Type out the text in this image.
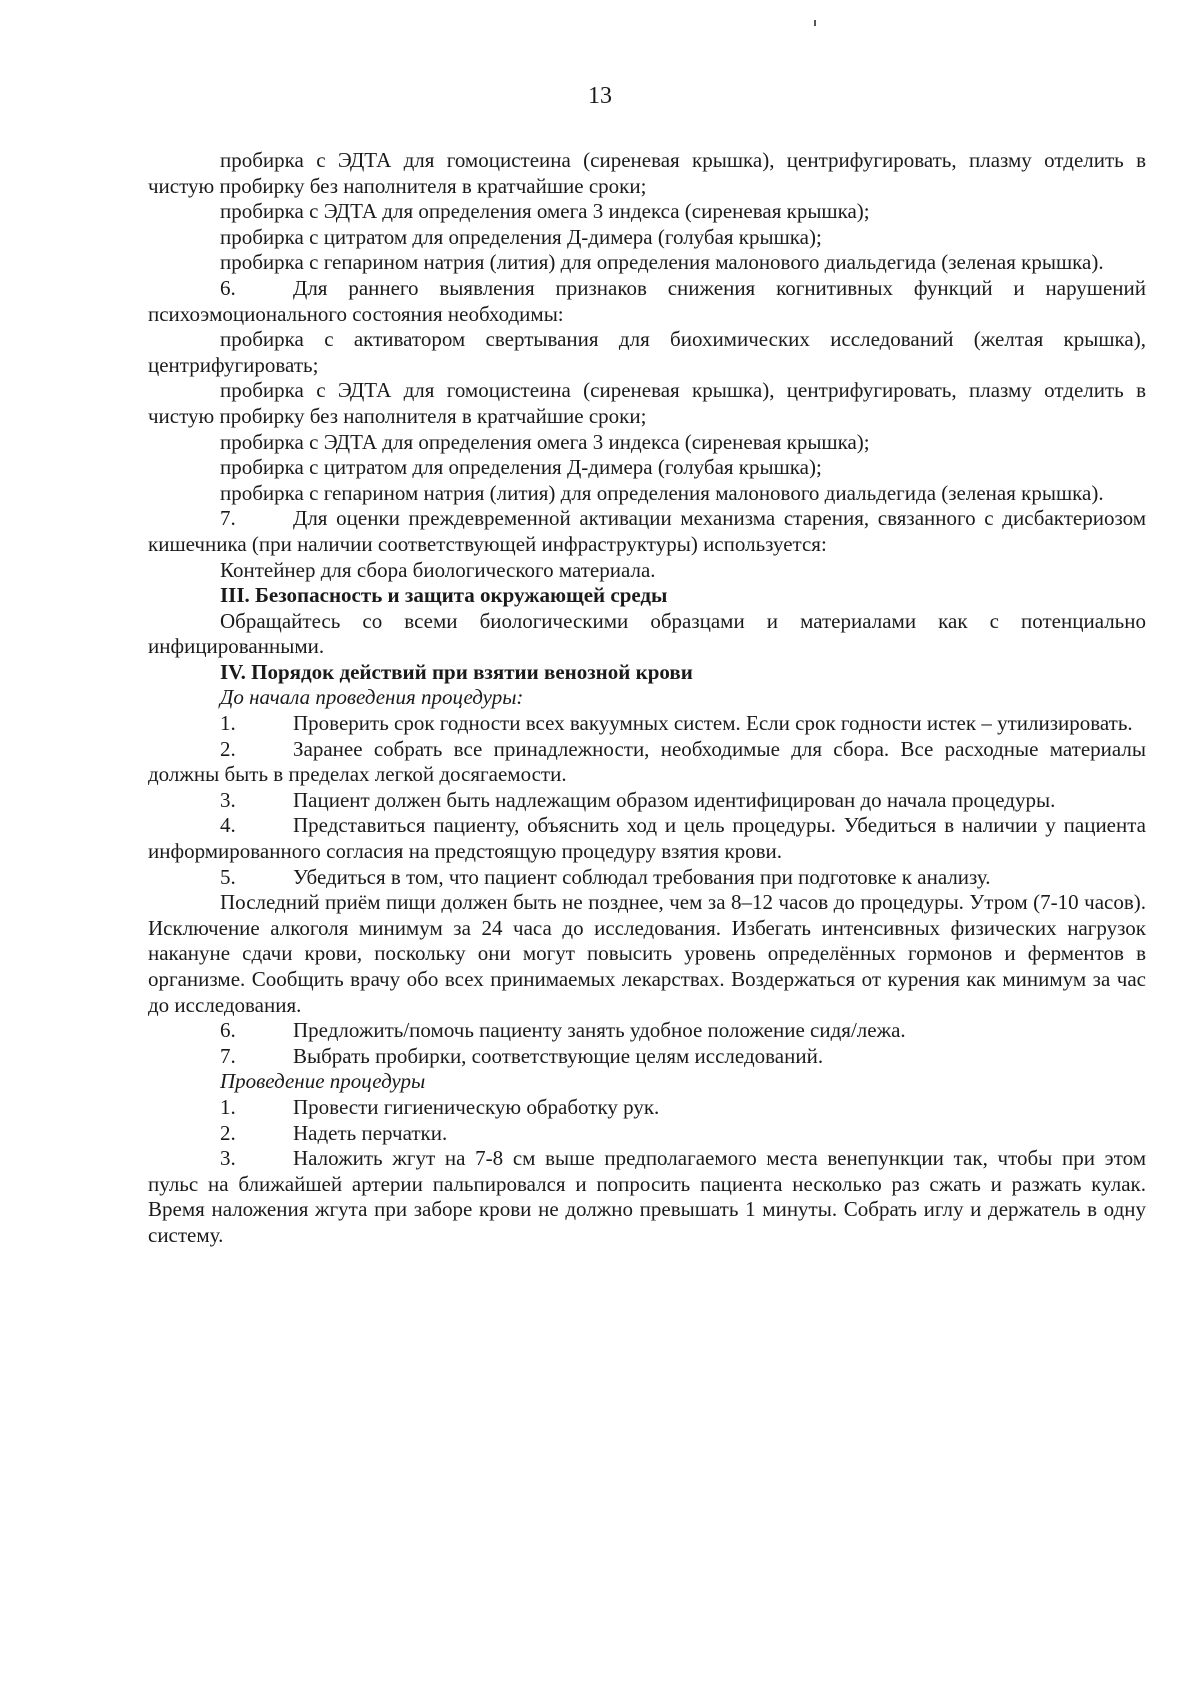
13

пробирка с ЭДТА для гомоцистеина (сиреневая крышка), центрифугировать, плазму отделить в чистую пробирку без наполнителя в кратчайшие сроки;

пробирка с ЭДТА для определения омега 3 индекса (сиреневая крышка);

пробирка с цитратом для определения Д-димера (голубая крышка);

пробирка с гепарином натрия (лития) для определения малонового диальдегида (зеленая крышка).

6.	Для раннего выявления признаков снижения когнитивных функций и нарушений психоэмоционального состояния необходимы:

пробирка с активатором свертывания для биохимических исследований (желтая крышка), центрифугировать;

пробирка с ЭДТА для гомоцистеина (сиреневая крышка), центрифугировать, плазму отделить в чистую пробирку без наполнителя в кратчайшие сроки;

пробирка с ЭДТА для определения омега 3 индекса (сиреневая крышка);

пробирка с цитратом для определения Д-димера (голубая крышка);

пробирка с гепарином натрия (лития) для определения малонового диальдегида (зеленая крышка).

7.	Для оценки преждевременной активации механизма старения, связанного с дисбактериозом кишечника (при наличии соответствующей инфраструктуры) используется:

Контейнер для сбора биологического материала.

III. Безопасность и защита окружающей среды

Обращайтесь со всеми биологическими образцами и материалами как с потенциально инфицированными.

IV. Порядок действий при взятии венозной крови

До начала проведения процедуры:

1.	Проверить срок годности всех вакуумных систем. Если срок годности истек – утилизировать.

2.	Заранее собрать все принадлежности, необходимые для сбора. Все расходные материалы должны быть в пределах легкой досягаемости.

3.	Пациент должен быть надлежащим образом идентифицирован до начала процедуры.

4.	Представиться пациенту, объяснить ход и цель процедуры. Убедиться в наличии у пациента информированного согласия на предстоящую процедуру взятия крови.

5.	Убедиться в том, что пациент соблюдал требования при подготовке к анализу.

Последний приём пищи должен быть не позднее, чем за 8–12 часов до процедуры. Утром (7-10 часов). Исключение алкоголя минимум за 24 часа до исследования. Избегать интенсивных физических нагрузок накануне сдачи крови, поскольку они могут повысить уровень определённых гормонов и ферментов в организме. Сообщить врачу обо всех принимаемых лекарствах. Воздержаться от курения как минимум за час до исследования.

6.	Предложить/помочь пациенту занять удобное положение сидя/лежа.

7.	Выбрать пробирки, соответствующие целям исследований.

Проведение процедуры

1.	Провести гигиеническую обработку рук.

2.	Надеть перчатки.

3.	Наложить жгут на 7-8 см выше предполагаемого места венепункции так, чтобы при этом пульс на ближайшей артерии пальпировался и попросить пациента несколько раз сжать и разжать кулак. Время наложения жгута при заборе крови не должно превышать 1 минуты. Собрать иглу и держатель в одну систему.
